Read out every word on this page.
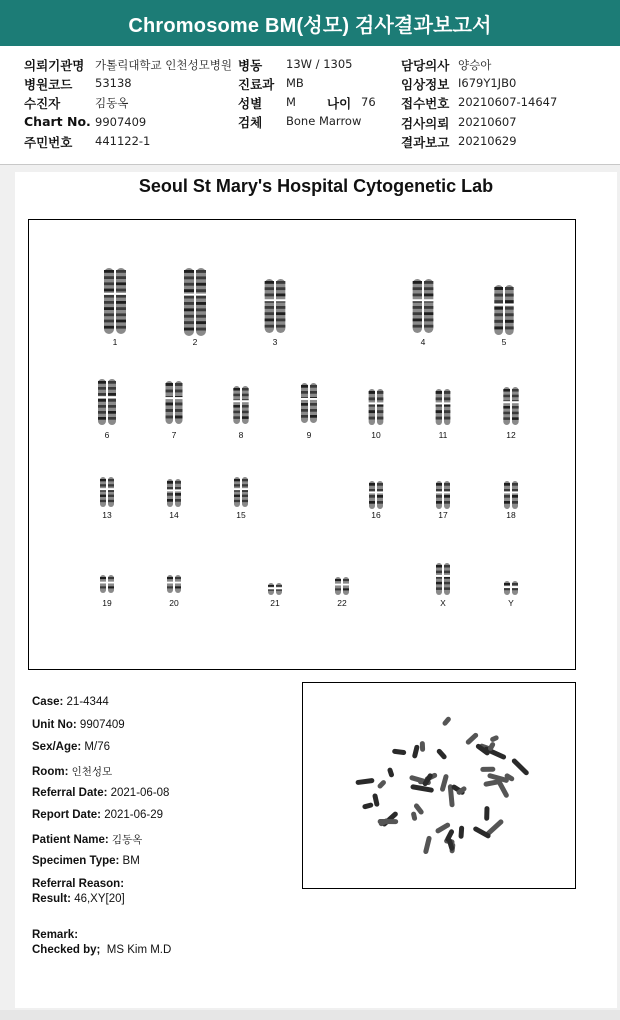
Chromosome BM(성모) 검사결과보고서
의뢰기관명 가톨릭대학교 인천성모병원 병동 13W / 1305	담당의사 양승아
병원코드 53138	진료과 MB	임상정보 I679Y1JB0
수진자	김동옥	성별 M 나이 76 접수번호 20210607-14647
Chart No. 9907409	검체 Bone Marrow	검사의뢰 20210607
주민번호 441122-1	결과보고 20210629
Seoul St Mary's Hospital Cytogenetic Lab
1	2	3	4	5
6	7	8	9	10	11	12
13	14	15	16	17	18
19	20	21	22	X	Y
Case: 21-4344
Unit No: 9907409
Sex/Age: M/76
Room: 인천성모
Referral Date: 2021-06-08
Report Date: 2021-06-29
Patient Name: 김동옥
Specimen Type: BM
Referral Reason:
Result: 46,XY[20]
Remark:
Checked by; MS Kim M.D
